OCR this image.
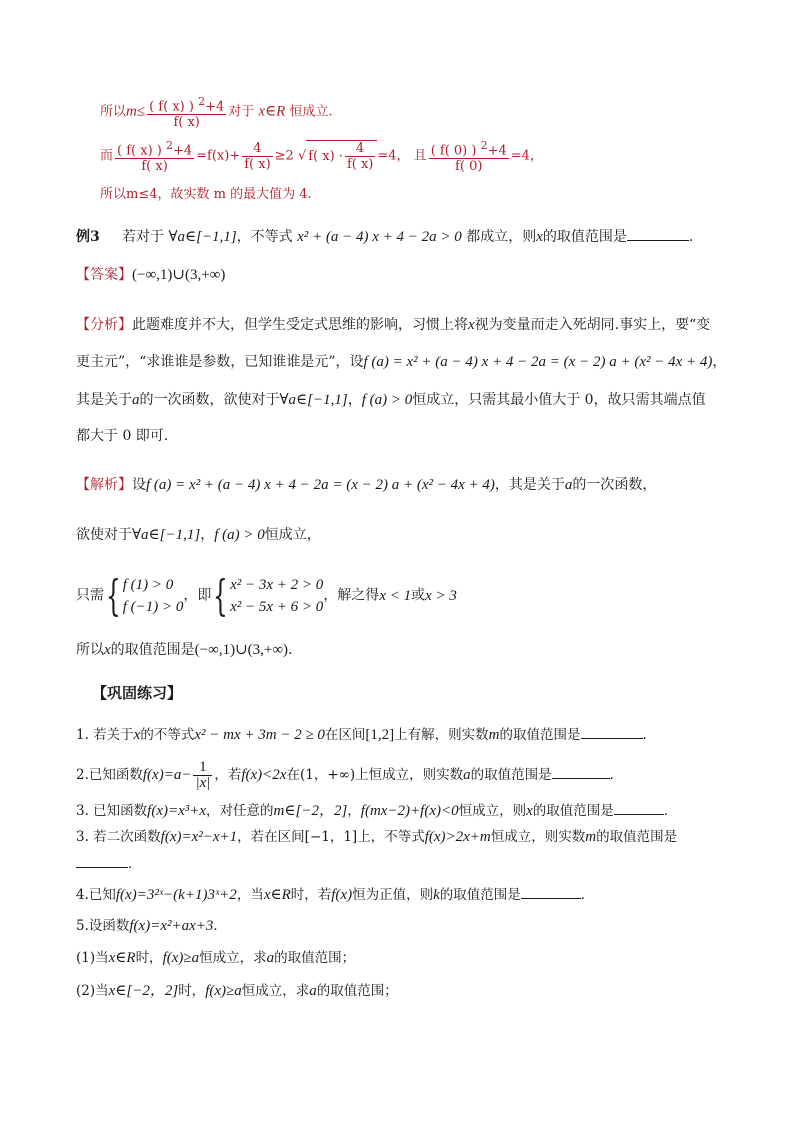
所以$m\le \frac{( f( x) ) ^2+4}{f( x)}$ 对于 x∈R 恒成立.
而 $\frac{( f( x) ) ^2+4}{f( x)} =f(x)+ \frac{4}{f( x)} \ge 2$ √ f( $x) \cdot \frac{4}{f( x)} =4$， 且 $\frac{( f( 0) ) ^2+4}{f( 0)} =4$，
所以m≤4，故实数 m 的最大值为 4.
例3 若对于 ∀a∈[−1,1]，不等式 x² + (a − 4) x + 4 − 2a > 0 都成立，则x的取值范围是	.
【答案】(−∞,1)∪(3,+∞)
【分析】此题难度并不大，但学生受定式思维的影响，习惯上将x视为变量而走入死胡同.事实上，要“变
更主元”，“求谁谁是参数，已知谁谁是元”，设f (a) = x² + (a − 4) x + 4 − 2a = (x − 2) a + (x² − 4x + 4)，
其是关于a的一次函数，欲使对于∀a∈[−1,1]，f (a) > 0恒成立，只需其最小值大于 0，故只需其端点值
都大于 0 即可.
【解析】设f (a) = x² + (a − 4) x + 4 − 2a = (x − 2) a + (x² − 4x + 4)，其是关于a的一次函数，
欲使对于∀a∈[−1,1]，f (a) > 0恒成立，
只需{ f (1) > 0
f (−1) > 0，即{ x² − 3x + 2 > 0
x² − 5x + 6 > 0，解之得x < 1或x > 3
所以x的取值范围是(−∞,1)∪(3,+∞).
【巩固练习】
1. 若关于x的不等式x² − mx + 3m − 2 ≥ 0在区间[1,2]上有解，则实数m的取值范围是	.
2.已知函数$f(x)=a- \frac{1}{|x|}$ ，若f(x)<2x在(1，+∞)上恒成立，则实数a的取值范围是	．
3. 已知函数f(x)=x³+x，对任意的m∈[−2，2]，f(mx−2)+f(x)<0恒成立，则x的取值范围是	．
3. 若二次函数f(x)=x²−x+1，若在区间[−1，1]上，不等式f(x)>2x+m恒成立，则实数m的取值范围是
．
4.已知f(x)=3²ˣ−(k+1)3ˣ+2，当x∈R时，若f(x)恒为正值，则k的取值范围是	．
5.设函数f(x)=x²+ax+3．
(1)当x∈R时，f(x)≥a恒成立，求a的取值范围；
(2)当x∈[−2，2]时，f(x)≥a恒成立，求a的取值范围；
